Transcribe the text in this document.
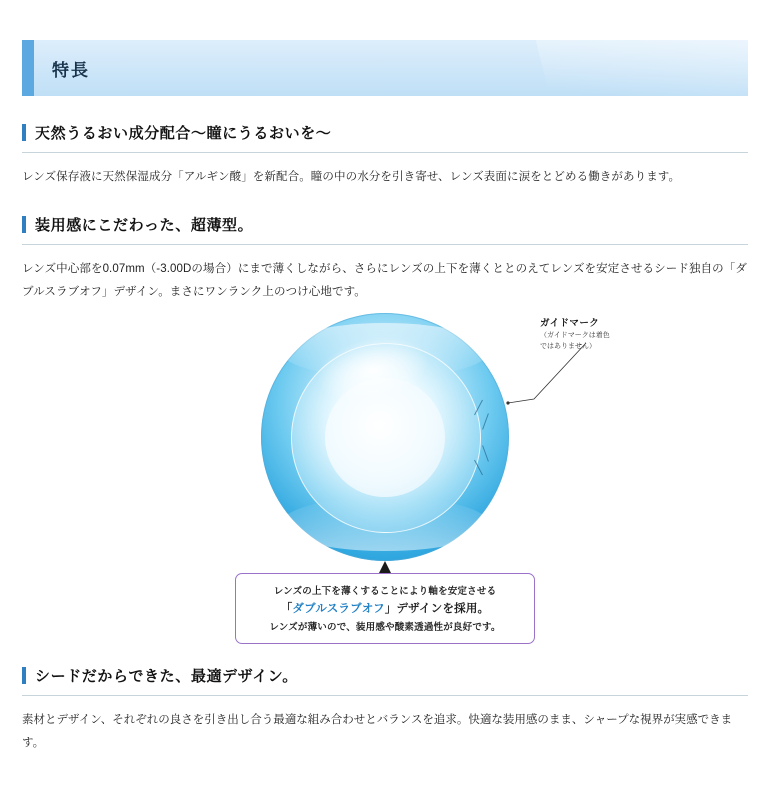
特長
天然うるおい成分配合〜瞳にうるおいを〜
レンズ保存液に天然保湿成分「アルギン酸」を新配合。瞳の中の水分を引き寄せ、レンズ表面に涙をとどめる働きがあります。
装用感にこだわった、超薄型。
レンズ中心部を0.07mm（-3.00Dの場合）にまで薄くしながら、さらにレンズの上下を薄くととのえてレンズを安定させるシード独自の「ダブルスラブオフ」デザイン。まさにワンランク上のつけ心地です。
ガイドマーク
（ガイドマークは着色
ではありません）
レンズの上下を薄くすることにより軸を安定させる
「ダブルスラブオフ」デザインを採用。
レンズが薄いので、装用感や酸素透過性が良好です。
シードだからできた、最適デザイン。
素材とデザイン、それぞれの良さを引き出し合う最適な組み合わせとバランスを追求。快適な装用感のまま、シャープな視界が実感できます。
